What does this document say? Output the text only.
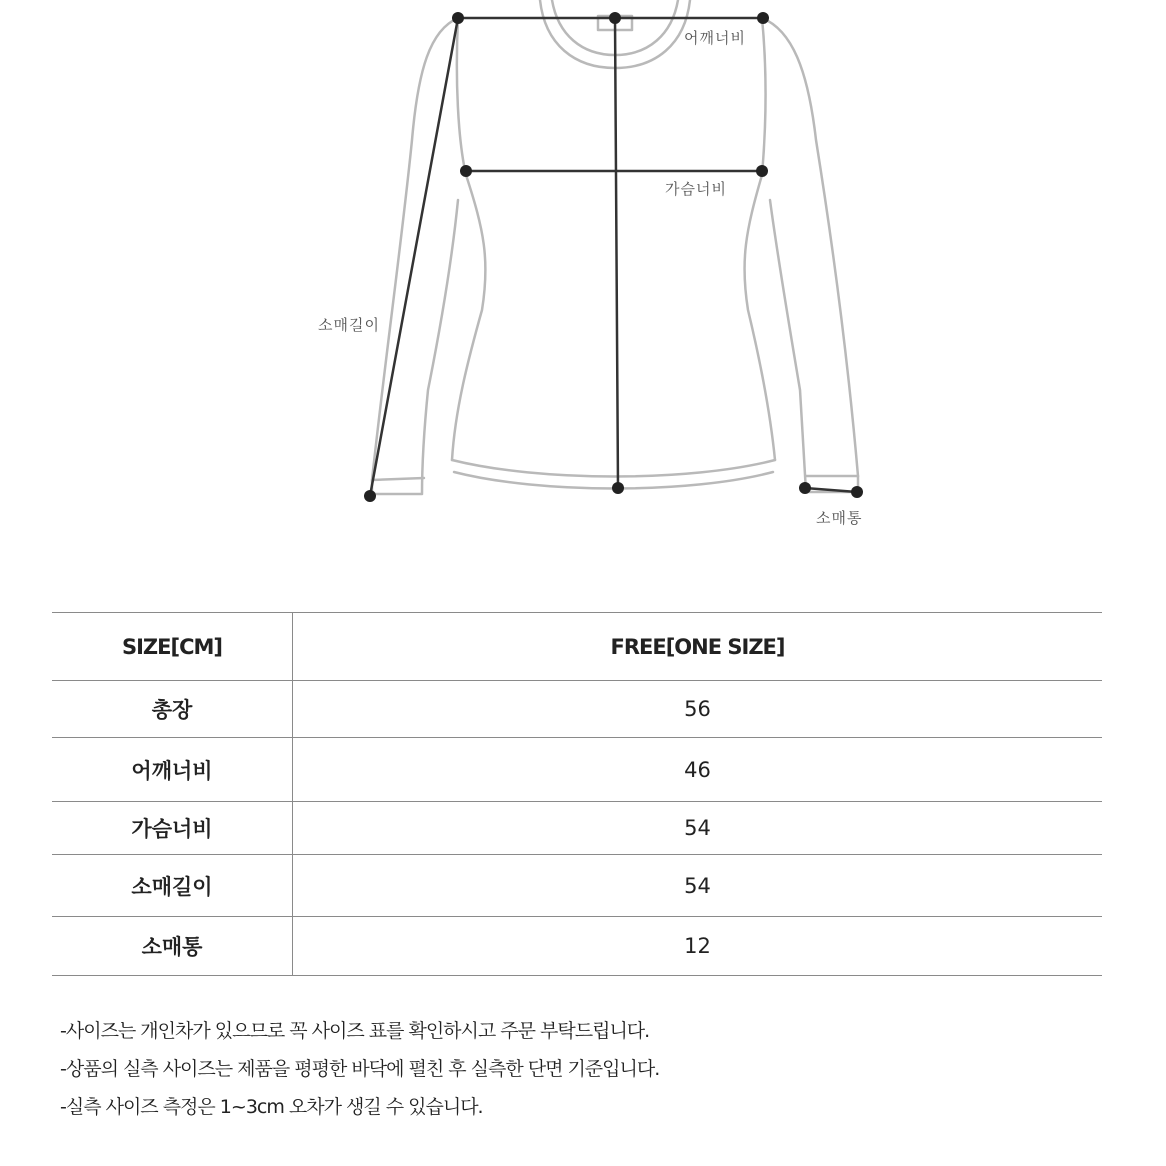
어깨너비
가슴너비
소매길이
소매통
SIZE[CM]	FREE[ONE SIZE]
총장	56
어깨너비	46
가슴너비	54
소매길이	54
소매통	12
-사이즈는 개인차가 있으므로 꼭 사이즈 표를 확인하시고 주문 부탁드립니다.
-상품의 실측 사이즈는 제품을 평평한 바닥에 펼친 후 실측한 단면 기준입니다.
-실측 사이즈 측정은 1~3cm 오차가 생길 수 있습니다.
